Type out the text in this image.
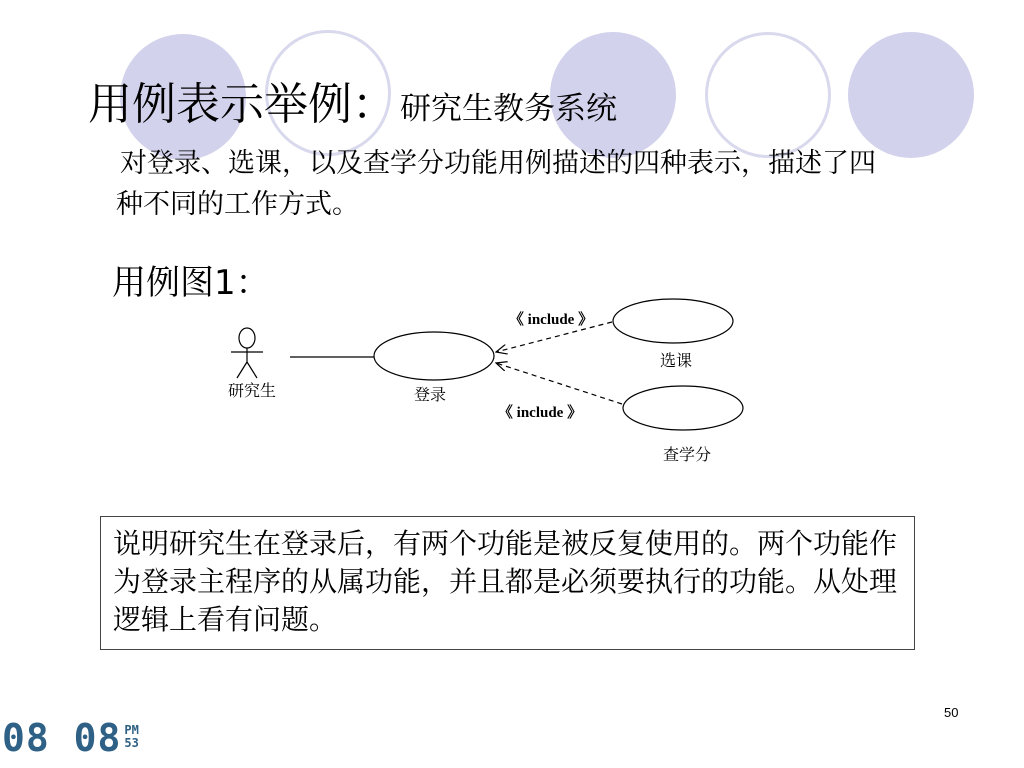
用例表示举例： 研究生教务系统
对登录、选课，以及查学分功能用例描述的四种表示，描述了四种不同的工作方式。
用例图1：
研究生	登录
选课
查学分
《 include 》
《 include 》
说明研究生在登录后，有两个功能是被反复使用的。两个功能作为登录主程序的从属功能，并且都是必须要执行的功能。从处理逻辑上看有问题。
50
08 08 PM
53
